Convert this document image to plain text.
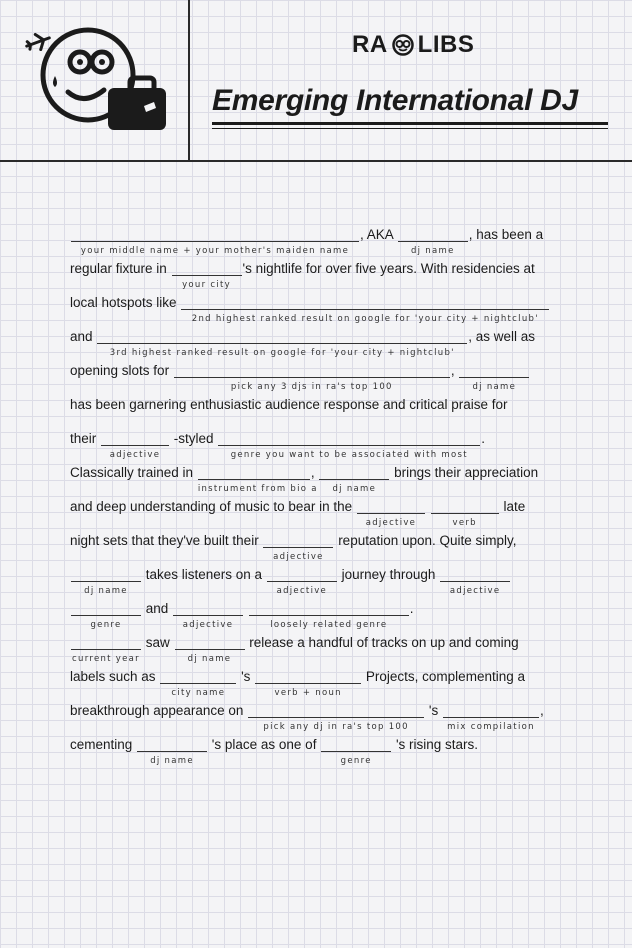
RA LIBS
Emerging International DJ
your middle name + your mother's maiden name
, AKA
dj name
, has been a
regular fixture in
your city
's nightlife for over five years. With residencies at
local hotspots like
2nd highest ranked result on google for 'your city + nightclub'
and
3rd highest ranked result on google for 'your city + nightclub'
, as well as
opening slots for
pick any 3 djs in ra's top 100
,
dj name
has been garnering enthusiastic audience response and critical praise for
their
adjective
-styled
genre you want to be associated with most
.
Classically trained in
instrument from bio a
,
dj name
brings their appreciation
and deep understanding of music to bear in the
adjective
	verb
late
night sets that they've built their
adjective
reputation upon. Quite simply,
dj name
takes listeners on a
adjective
journey through
adjective
genre
and
adjective
	loosely related genre
.
current year
saw
dj name
release a handful of tracks on up and coming
labels such as
city name
's
verb + noun
Projects, complementing a
breakthrough appearance on
pick any dj in ra's top 100
's
mix compilation
,
cementing
dj name
's place as one of
genre
's rising stars.
